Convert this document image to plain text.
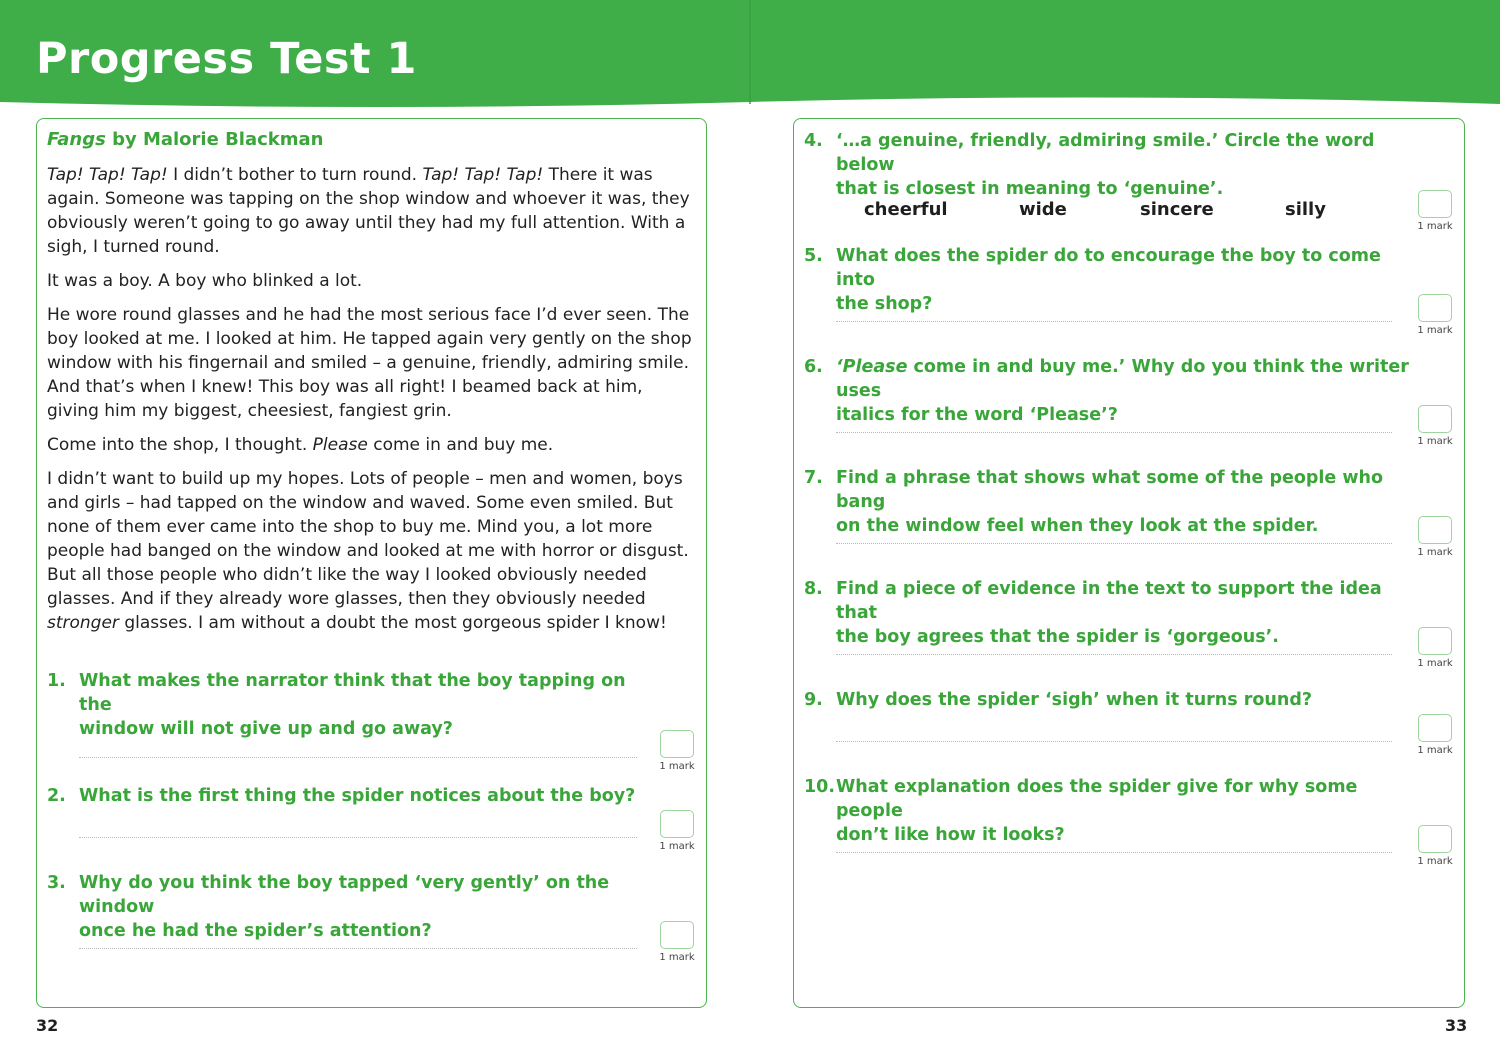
Progress Test 1
Fangs by Malorie Blackman

Tap! Tap! Tap! I didn’t bother to turn round. Tap! Tap! Tap! There it was again. Someone was tapping on the shop window and whoever it was, they obviously weren’t going to go away until they had my full attention. With a sigh, I turned round.

It was a boy. A boy who blinked a lot.

He wore round glasses and he had the most serious face I’d ever seen. The boy looked at me. I looked at him. He tapped again very gently on the shop window with his fingernail and smiled – a genuine, friendly, admiring smile. And that’s when I knew! This boy was all right! I beamed back at him, giving him my biggest, cheesiest, fangiest grin.

Come into the shop, I thought. Please come in and buy me.

I didn’t want to build up my hopes. Lots of people – men and women, boys and girls – had tapped on the window and waved. Some even smiled. But none of them ever came into the shop to buy me. Mind you, a lot more people had banged on the window and looked at me with horror or disgust. But all those people who didn’t like the way I looked obviously needed glasses. And if they already wore glasses, then they obviously needed stronger glasses. I am without a doubt the most gorgeous spider I know!

1. What makes the narrator think that the boy tapping on the
window will not give up and go away?
1 mark
2. What is the first thing the spider notices about the boy?
1 mark
3. Why do you think the boy tapped ‘very gently’ on the window
once he had the spider’s attention?
1 mark
4. ‘…a genuine, friendly, admiring smile.’ Circle the word below
that is closest in meaning to ‘genuine’.
cheerful	wide	sincere	silly
1 mark
5. What does the spider do to encourage the boy to come into
the shop?
1 mark
6. ‘Please come in and buy me.’ Why do you think the writer uses
italics for the word ‘Please’?
1 mark
7. Find a phrase that shows what some of the people who bang
on the window feel when they look at the spider.
1 mark
8. Find a piece of evidence in the text to support the idea that
the boy agrees that the spider is ‘gorgeous’.
1 mark
9. Why does the spider ‘sigh’ when it turns round?
1 mark
10. What explanation does the spider give for why some people
don’t like how it looks?
1 mark
32	33
